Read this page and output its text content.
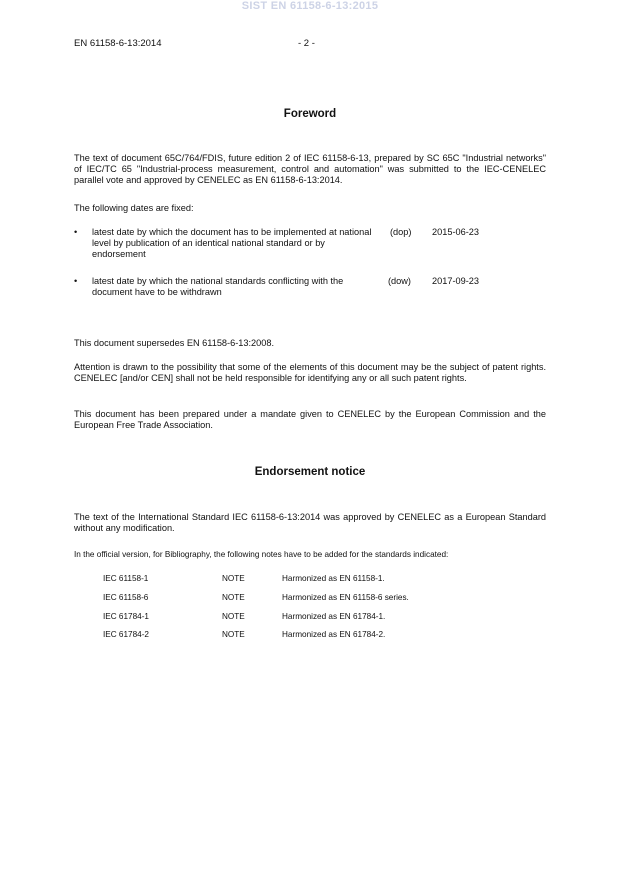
SIST EN 61158-6-13:2015
EN 61158-6-13:2014	- 2 -
Foreword
The text of document 65C/764/FDIS, future edition 2 of IEC 61158-6-13, prepared by SC 65C "Industrial networks" of IEC/TC 65 "Industrial-process measurement, control and automation" was submitted to the IEC-CENELEC parallel vote and approved by CENELEC as EN 61158-6-13:2014.
The following dates are fixed:
• latest date by which the document has to be implemented at national level by publication of an identical national standard or by endorsement
(dop) 2015-06-23
• latest date by which the national standards conflicting with the document have to be withdrawn
(dow) 2017-09-23
This document supersedes EN 61158-6-13:2008.
Attention is drawn to the possibility that some of the elements of this document may be the subject of patent rights. CENELEC [and/or CEN] shall not be held responsible for identifying any or all such patent rights.
This document has been prepared under a mandate given to CENELEC by the European Commission and the European Free Trade Association.
Endorsement notice
The text of the International Standard IEC 61158-6-13:2014 was approved by CENELEC as a European Standard without any modification.
In the official version, for Bibliography, the following notes have to be added for the standards indicated:
IEC 61158-1	NOTE	Harmonized as EN 61158-1.
IEC 61158-6	NOTE	Harmonized as EN 61158-6 series.
IEC 61784-1	NOTE	Harmonized as EN 61784-1.
IEC 61784-2	NOTE	Harmonized as EN 61784-2.
